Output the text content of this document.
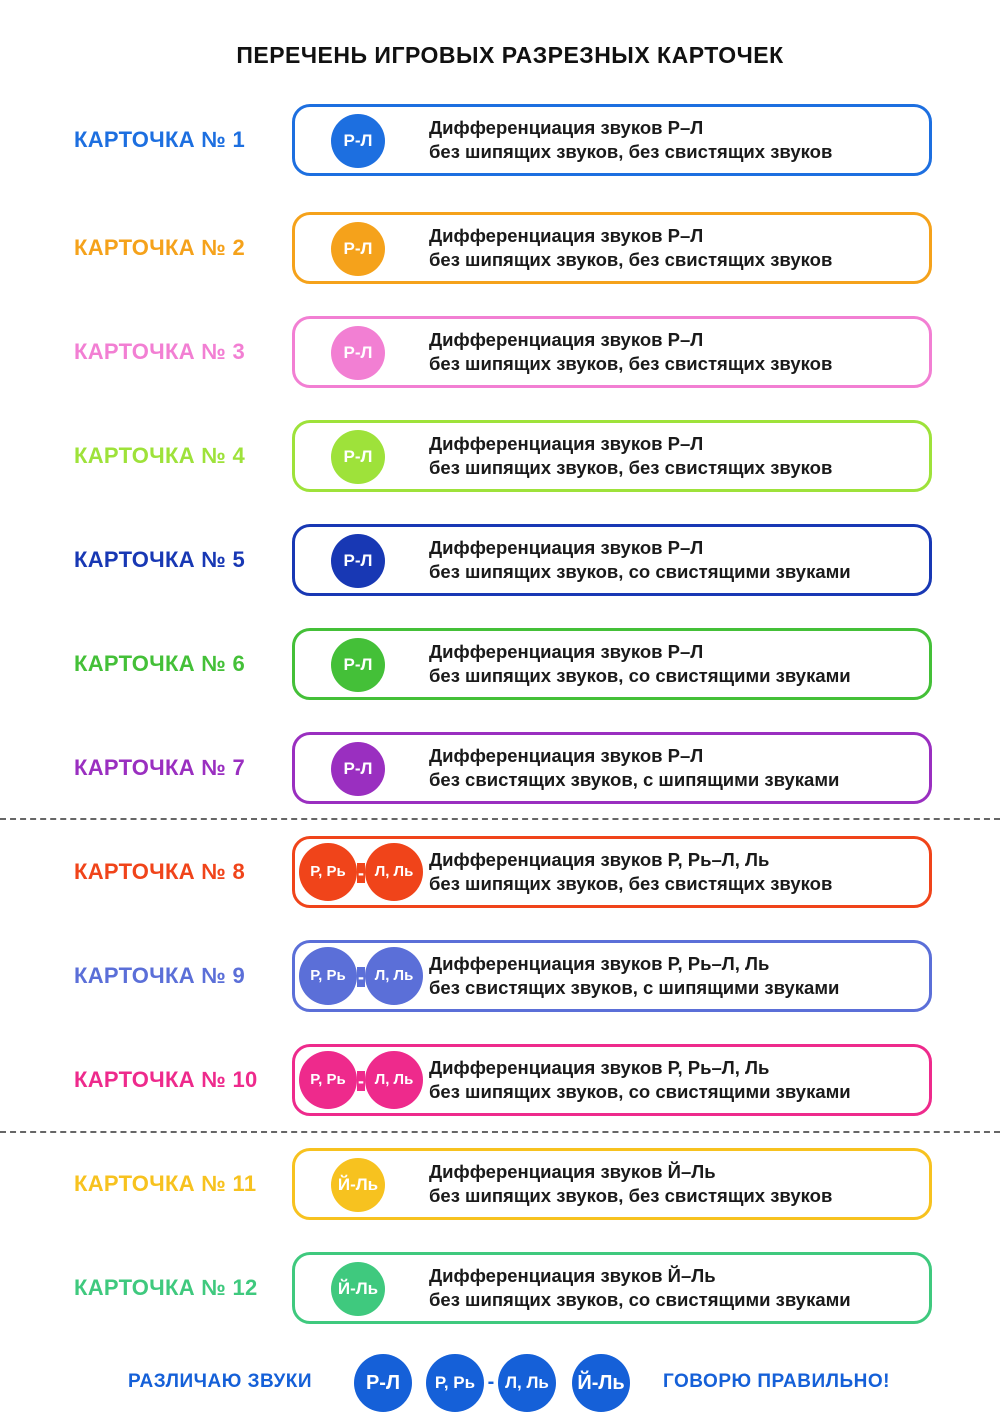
ПЕРЕЧЕНЬ ИГРОВЫХ РАЗРЕЗНЫХ КАРТОЧЕК
КАРТОЧКА № 1	Р-Л
Дифференциация звуков Р–Л
без шипящих звуков, без свистящих звуков
КАРТОЧКА № 2	Р-Л
Дифференциация звуков Р–Л
без шипящих звуков, без свистящих звуков
КАРТОЧКА № 3	Р-Л
Дифференциация звуков Р–Л
без шипящих звуков, без свистящих звуков
КАРТОЧКА № 4	Р-Л
Дифференциация звуков Р–Л
без шипящих звуков, без свистящих звуков
КАРТОЧКА № 5	Р-Л
Дифференциация звуков Р–Л
без шипящих звуков, со свистящими звуками
КАРТОЧКА № 6	Р-Л
Дифференциация звуков Р–Л
без шипящих звуков, со свистящими звуками
КАРТОЧКА № 7	Р-Л
Дифференциация звуков Р–Л
без свистящих звуков, с шипящими звуками
КАРТОЧКА № 8	Р, Рь - Л, Ль
Дифференциация звуков Р, Рь–Л, Ль
без шипящих звуков, без свистящих звуков
КАРТОЧКА № 9	Р, Рь - Л, Ль
Дифференциация звуков Р, Рь–Л, Ль
без свистящих звуков, с шипящими звуками
КАРТОЧКА № 10	Р, Рь - Л, Ль
Дифференциация звуков Р, Рь–Л, Ль
без шипящих звуков, со свистящими звуками
КАРТОЧКА № 11	Й-Ль
Дифференциация звуков Й–Ль
без шипящих звуков, без свистящих звуков
КАРТОЧКА № 12	Й-Ль
Дифференциация звуков Й–Ль
без шипящих звуков, со свистящими звуками
РАЗЛИЧАЮ ЗВУКИ	Р-Л	Р, Рь - Л, Ль	Й-Ль ГОВОРЮ ПРАВИЛЬНО!
